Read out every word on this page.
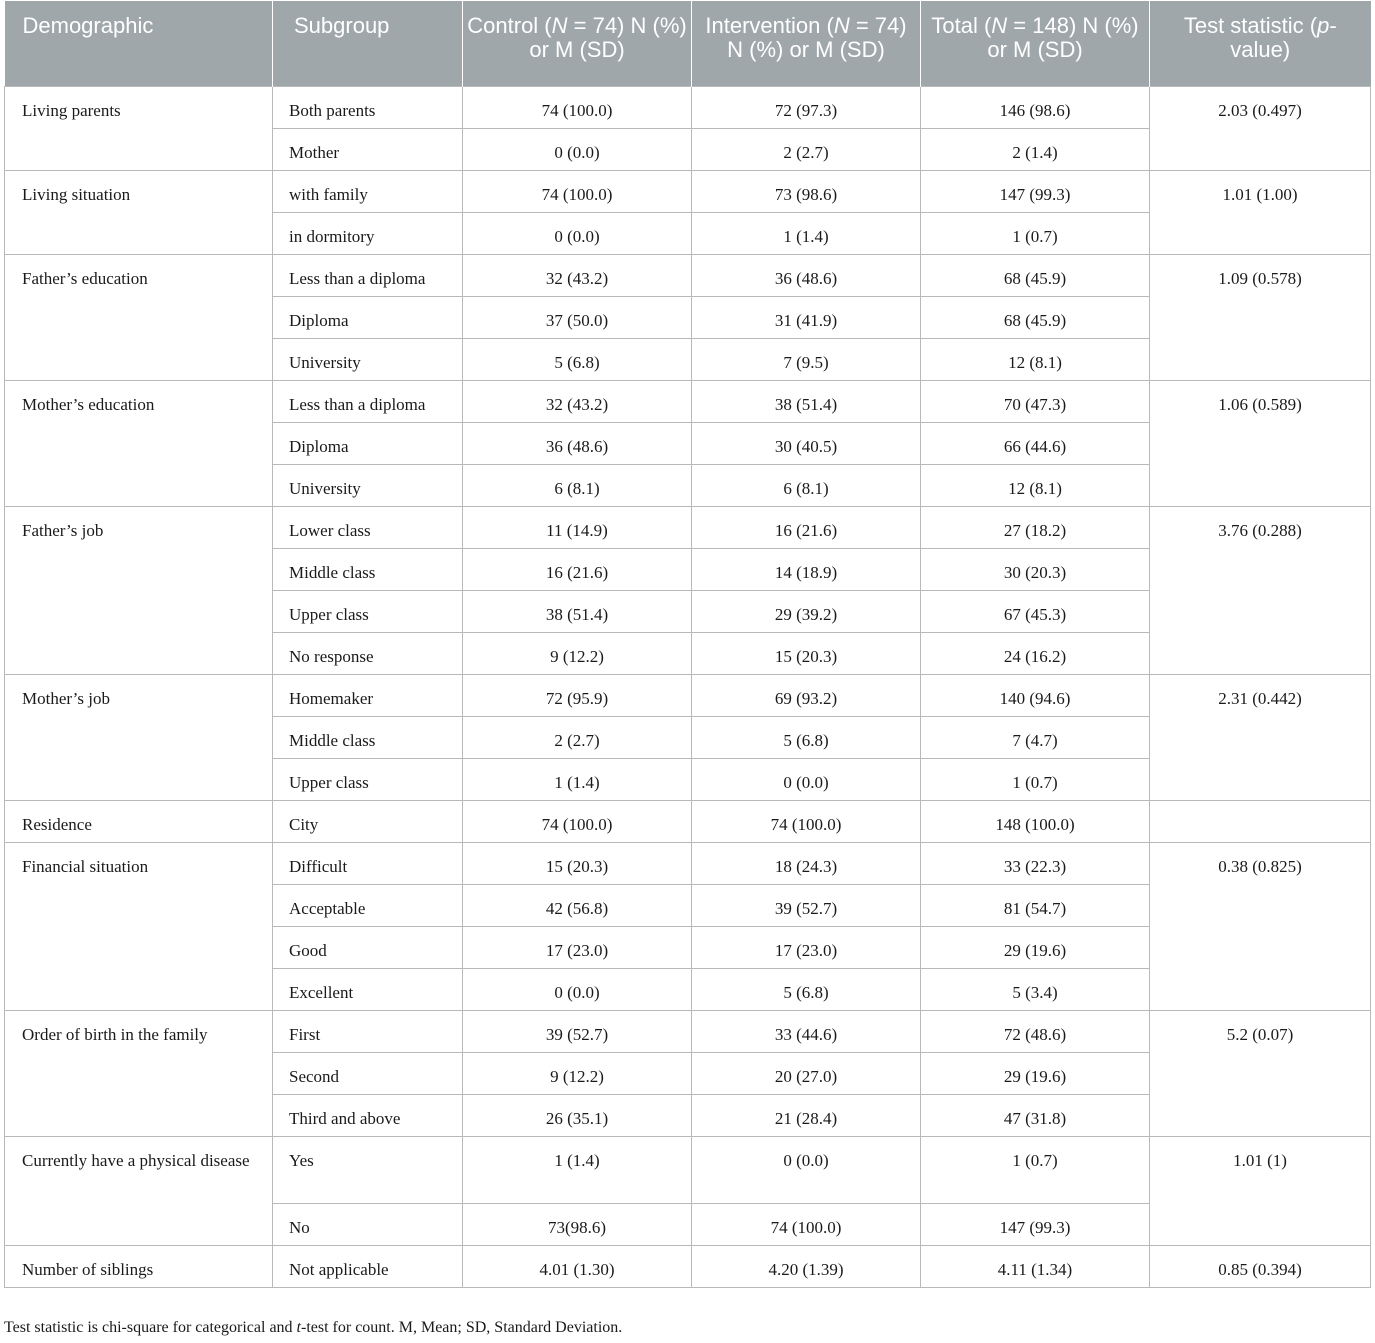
Demographic	Subgroup	Control (N = 74) N (%) or M (SD)	Intervention (N = 74) N (%) or M (SD)	Total (N = 148) N (%) or M (SD)	Test statistic (p-value)
Living parents	Both parents	74 (100.0)	72 (97.3)	146 (98.6)	2.03 (0.497)
	Mother	0 (0.0)	2 (2.7)	2 (1.4)	
Living situation	with family	74 (100.0)	73 (98.6)	147 (99.3)	1.01 (1.00)
	in dormitory	0 (0.0)	1 (1.4)	1 (0.7)	
Father’s education	Less than a diploma	32 (43.2)	36 (48.6)	68 (45.9)	1.09 (0.578)
	Diploma	37 (50.0)	31 (41.9)	68 (45.9)	
	University	5 (6.8)	7 (9.5)	12 (8.1)	
Mother’s education	Less than a diploma	32 (43.2)	38 (51.4)	70 (47.3)	1.06 (0.589)
	Diploma	36 (48.6)	30 (40.5)	66 (44.6)	
	University	6 (8.1)	6 (8.1)	12 (8.1)	
Father’s job	Lower class	11 (14.9)	16 (21.6)	27 (18.2)	3.76 (0.288)
	Middle class	16 (21.6)	14 (18.9)	30 (20.3)	
	Upper class	38 (51.4)	29 (39.2)	67 (45.3)	
	No response	9 (12.2)	15 (20.3)	24 (16.2)	
Mother’s job	Homemaker	72 (95.9)	69 (93.2)	140 (94.6)	2.31 (0.442)
	Middle class	2 (2.7)	5 (6.8)	7 (4.7)	
	Upper class	1 (1.4)	0 (0.0)	1 (0.7)	
Residence	City	74 (100.0)	74 (100.0)	148 (100.0)	
Financial situation	Difficult	15 (20.3)	18 (24.3)	33 (22.3)	0.38 (0.825)
	Acceptable	42 (56.8)	39 (52.7)	81 (54.7)	
	Good	17 (23.0)	17 (23.0)	29 (19.6)	
	Excellent	0 (0.0)	5 (6.8)	5 (3.4)	
Order of birth in the family	First	39 (52.7)	33 (44.6)	72 (48.6)	5.2 (0.07)
	Second	9 (12.2)	20 (27.0)	29 (19.6)	
	Third and above	26 (35.1)	21 (28.4)	47 (31.8)	
Currently have a physical disease	Yes	1 (1.4)	0 (0.0)	1 (0.7)	1.01 (1)
	No	73(98.6)	74 (100.0)	147 (99.3)	
Number of siblings	Not applicable	4.01 (1.30)	4.20 (1.39)	4.11 (1.34)	0.85 (0.394)
Test statistic is chi-square for categorical and t-test for count. M, Mean; SD, Standard Deviation.
